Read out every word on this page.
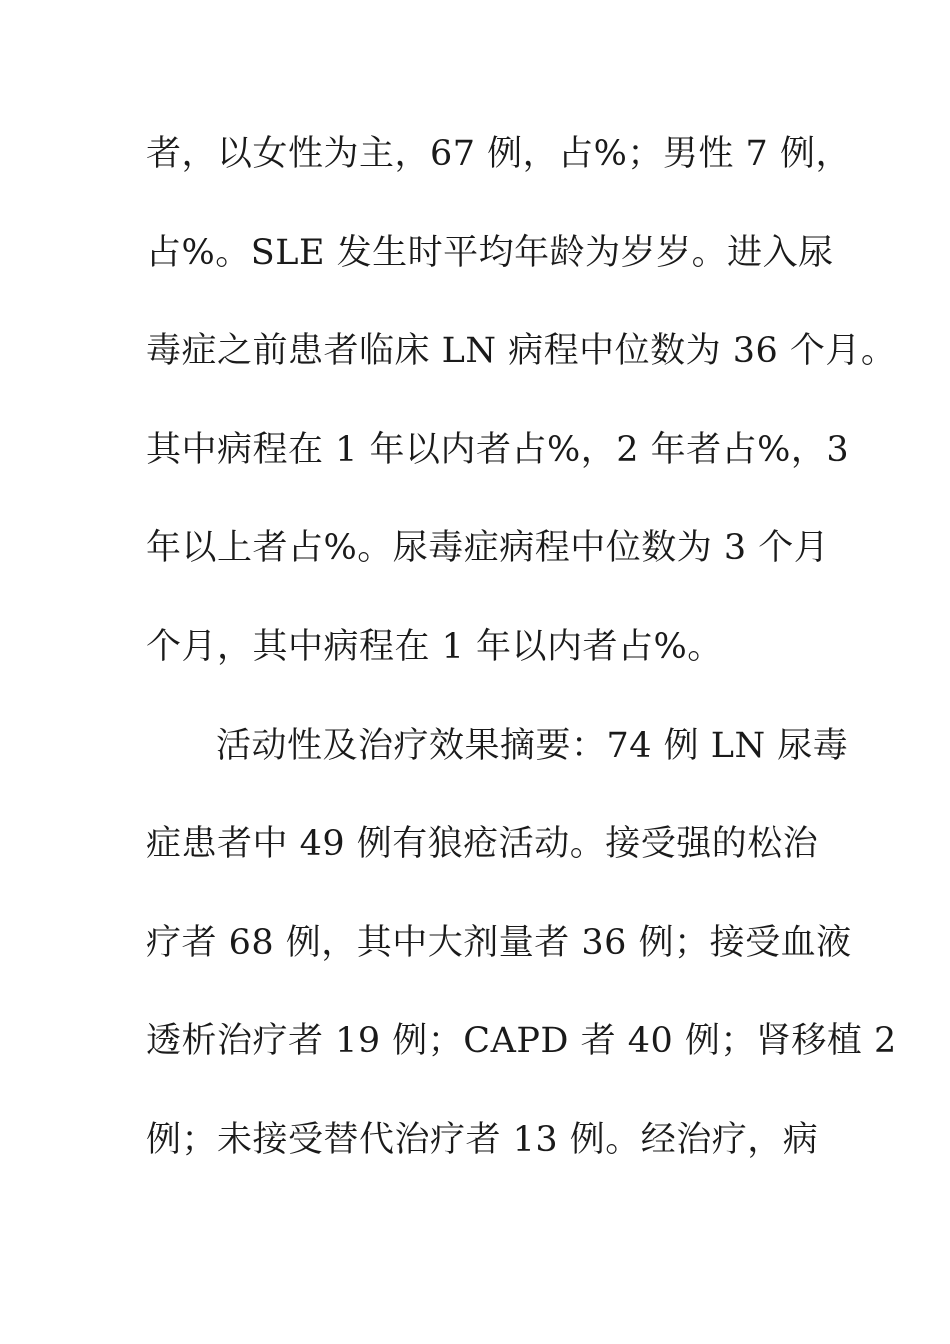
者，以女性为主，67 例，占%；男性 7 例，
占%。SLE 发生时平均年龄为岁岁。进入尿
毒症之前患者临床 LN 病程中位数为 36 个月。
其中病程在 1 年以内者占%，2 年者占%，3
年以上者占%。尿毒症病程中位数为 3 个月
个月，其中病程在 1 年以内者占%。
活动性及治疗效果摘要：74 例 LN 尿毒
症患者中 49 例有狼疮活动。接受强的松治
疗者 68 例，其中大剂量者 36 例；接受血液
透析治疗者 19 例；CAPD 者 40 例；肾移植 2
例；未接受替代治疗者 13 例。经治疗，病
